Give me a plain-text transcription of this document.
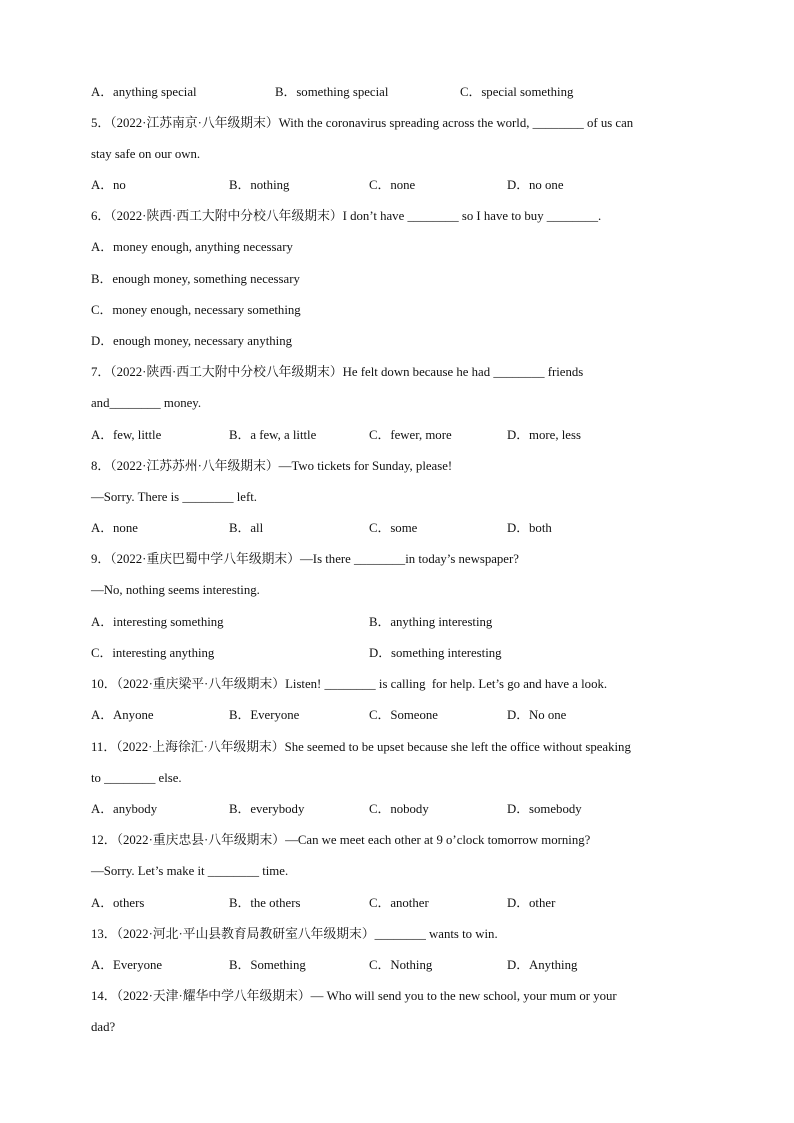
A．anything special	B．something special	C．special something
5．（2022·江苏南京·八年级期末）With the coronavirus spreading across the world, ________ of us can
stay safe on our own.
A．no	B．nothing	C．none	D．no one
6．（2022·陕西·西工大附中分校八年级期末）I don’t have ________ so I have to buy ________.
A．money enough, anything necessary
B．enough money, something necessary
C．money enough, necessary something
D．enough money, necessary anything
7．（2022·陕西·西工大附中分校八年级期末）He felt down because he had ________ friends
and________ money.
A．few, little	B．a few, a little	C．fewer, more	D．more, less
8．（2022·江苏苏州·八年级期末）—Two tickets for Sunday, please!
—Sorry. There is ________ left.
A．none	B．all	C．some	D．both
9．（2022·重庆巴蜀中学八年级期末）—Is there ________in today’s newspaper?
—No, nothing seems interesting.
A．interesting something	B．anything interesting
C．interesting anything	D．something interesting
10．（2022·重庆梁平·八年级期末）Listen! ________ is calling  for help. Let’s go and have a look.
A．Anyone	B．Everyone	C．Someone	D．No one
11．（2022·上海徐汇·八年级期末）She seemed to be upset because she left the office without speaking
to ________ else.
A．anybody	B．everybody	C．nobody	D．somebody
12．（2022·重庆忠县·八年级期末）—Can we meet each other at 9 o’clock tomorrow morning?
—Sorry. Let’s make it ________ time.
A．others	B．the others	C．another	D．other
13．（2022·河北·平山县教育局教研室八年级期末）________ wants to win.
A．Everyone	B．Something	C．Nothing	D．Anything
14．（2022·天津·耀华中学八年级期末）— Who will send you to the new school, your mum or your
dad?
